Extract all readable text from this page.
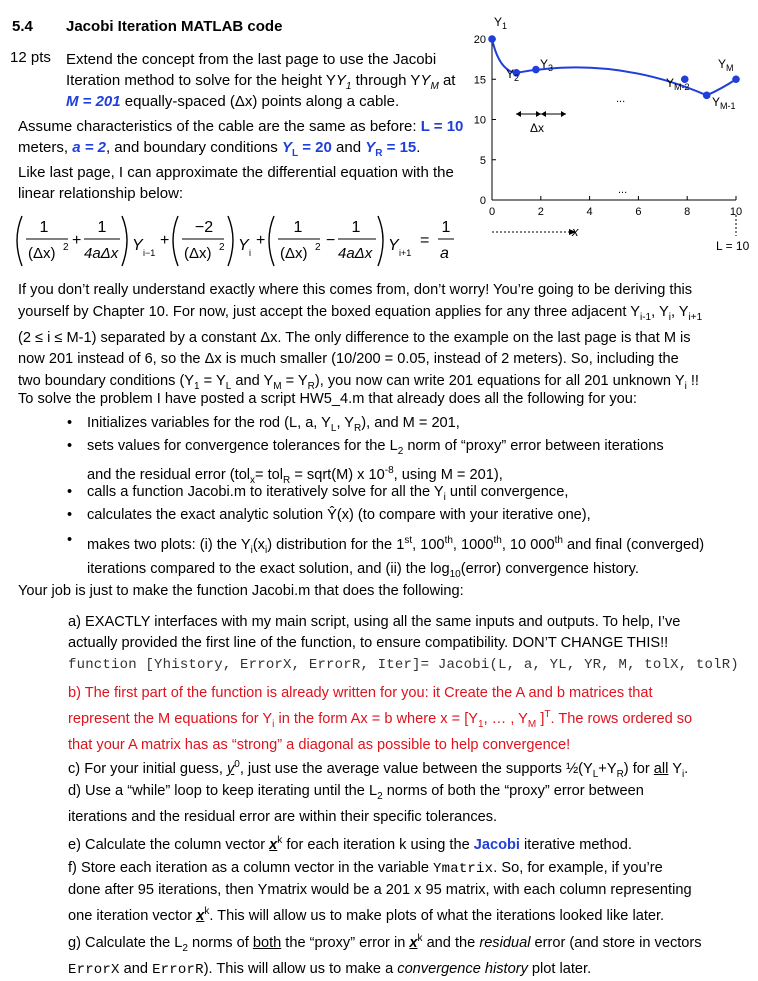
5.4 Jacobi Iteration MATLAB code
12 pts Extend the concept from the last page to use the Jacobi
Iteration method to solve for the height $YY_1$ through $YY_M$ at
M = 201 equally-spaced (Δx) points along a cable.
Assume characteristics of the cable are the same as before: L = 10
meters, a = 2, and boundary conditions $Y_L = 20$ and $Y_R = 15$.
Like last page, I can approximate the differential equation with the
linear relationship below:
20
15
10
5
0
0	2	4	6	8	10
$Y_1$
$Y_2$
$Y_3$	$Y_M$
$Y_{M-2}$
$Y_{M-1}$
...
...
Δx
x
L = 10
1
(Δx) 2 +
1
4aΔx Y i−1
+
−2
(Δx) 2 Y i
+
1
(Δx) 2 −
1
4aΔx Y i+1
=
1
a
If you don’t really understand exactly where this comes from, don’t worry! You’re going to be deriving this
yourself by Chapter 10. For now, just accept the boxed equation applies for any three adjacent $Y_{i-1}$, $Y_i$, $Y_{i+1}$
(2 ≤ i ≤ M-1) separated by a constant Δx. The only difference to the example on the last page is that M is
now 201 instead of 6, so the Δx is much smaller (10/200 = 0.05, instead of 2 meters). So, including the
two boundary conditions ($Y_1 = Y_L$ and $Y_M = Y_R$), you now can write 201 equations for all 201 unknown $Y_i$ !!
To solve the problem I have posted a script HW5_4.m that already does all the following for you:
• Initializes variables for the rod (L, a, $Y_L$, $Y_R$), and M = 201,
• sets values for convergence tolerances for the $L_2$ norm of “proxy” error between iterations
and the residual error (tol$_x$= tol$_R$ = sqrt(M) x $10^{-8}$, using M = 201),
• calls a function Jacobi.m to iteratively solve for all the $Y_i$ until convergence,
• calculates the exact analytic solution Ŷ(x) (to compare with your iterative one),
• makes two plots: (i) the $Y_i(x_i)$ distribution for the 1st, 100th, 1000th, 10 000th and final (converged)
iterations compared to the exact solution, and (ii) the $\log_{10}(error)$ convergence history.
Your job is just to make the function Jacobi.m that does the following:
a) EXACTLY interfaces with my main script, using all the same inputs and outputs. To help, I’ve
actually provided the first line of the function, to ensure compatibility. DON’T CHANGE THIS!!
function [Yhistory, ErrorX, ErrorR, Iter]= Jacobi(L, a, YL, YR, M, tolX, tolR)
b) The first part of the function is already written for you: it Create the A and b matrices that
represent the M equations for $Y_i$ in the form Ax = b where $x = [Y_1$, … , $Y_M$ ]$^T$. The rows ordered so
that your A matrix has as “strong” a diagonal as possible to help convergence!
c) For your initial guess, $y^0$, just use the average value between the supports $\frac{1}{2}(Y_L+Y_R)$ for all $Y_i$.
d) Use a “while” loop to keep iterating until the $L_2$ norms of both the “proxy” error between
iterations and the residual error are within their specific tolerances.
e) Calculate the column vector $x^k$ for each iteration k using the Jacobi iterative method.
f) Store each iteration as a column vector in the variable Ymatrix. So, for example, if you’re
done after 95 iterations, then Ymatrix would be a 201 x 95 matrix, with each column representing
one iteration vector $x^k$. This will allow us to make plots of what the iterations looked like later.
g) Calculate the $L_2$ norms of both the “proxy” error in $x^k$ and the residual error (and store in vectors
ErrorX and ErrorR). This will allow us to make a convergence history plot later.
